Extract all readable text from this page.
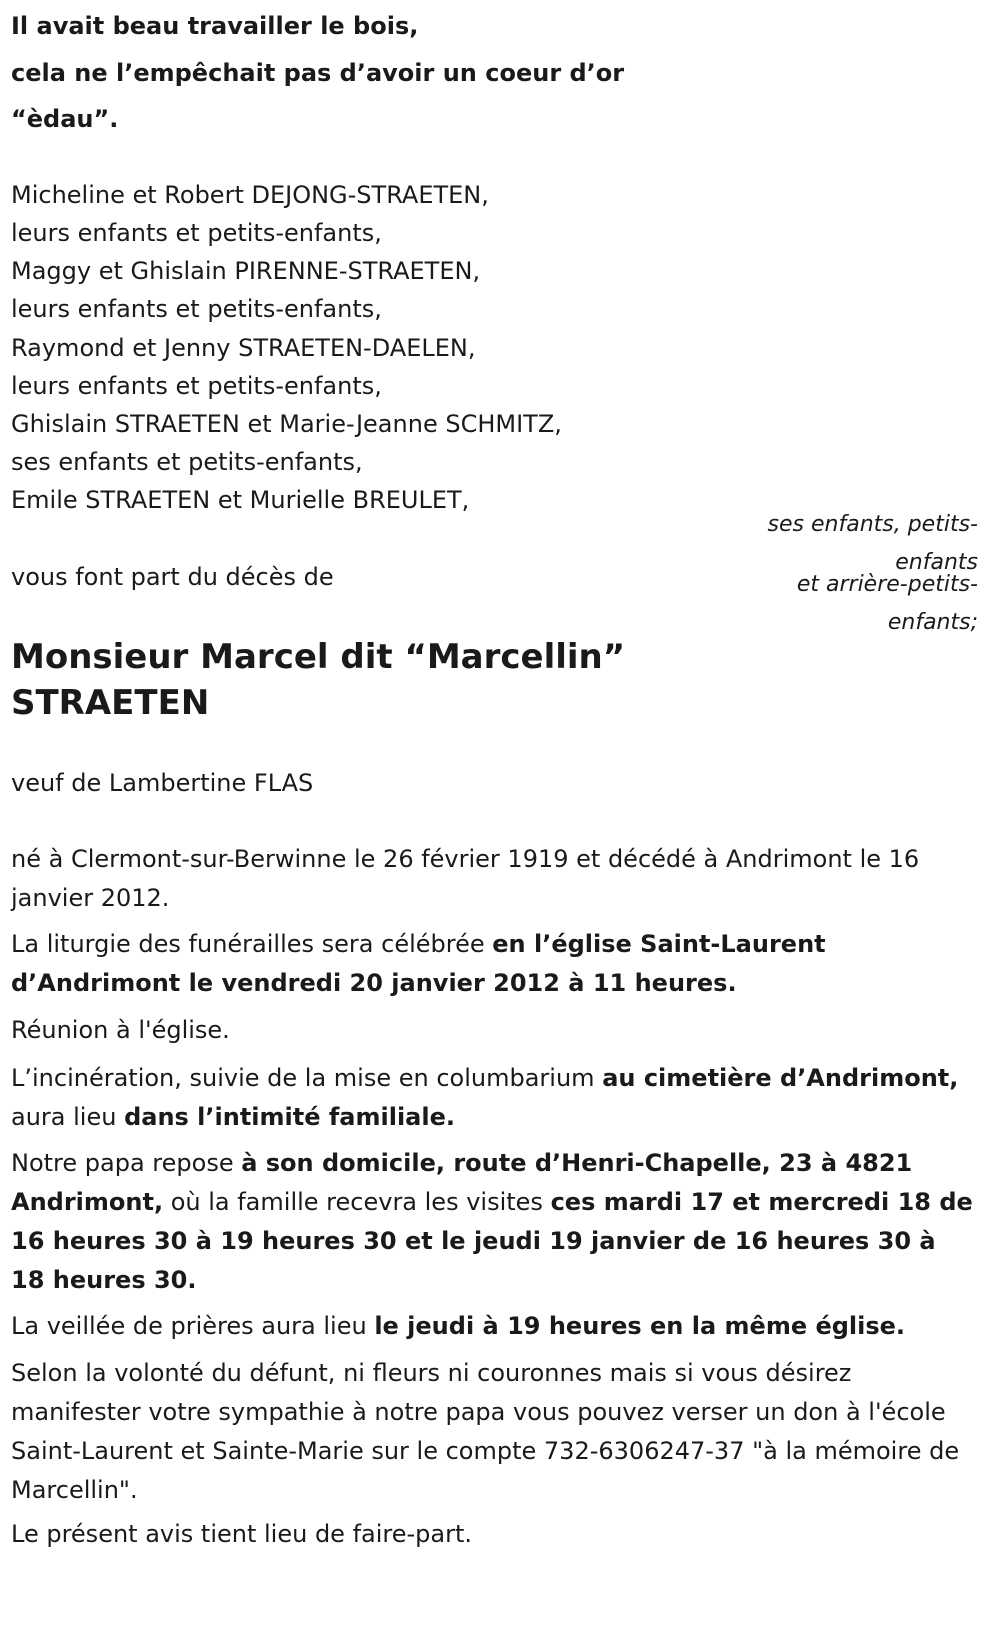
Il avait beau travailler le bois,
cela ne l’empêchait pas d’avoir un coeur d’or
“èdau”.
Micheline et Robert DEJONG-STRAETEN,
leurs enfants et petits-enfants,
Maggy et Ghislain PIRENNE-STRAETEN,
leurs enfants et petits-enfants,
Raymond et Jenny STRAETEN-DAELEN,
leurs enfants et petits-enfants,
Ghislain STRAETEN et Marie-Jeanne SCHMITZ,
ses enfants et petits-enfants,
Emile STRAETEN et Murielle BREULET,
ses enfants, petits-
enfants
et arrière-petits-
enfants;
vous font part du décès de
Monsieur Marcel dit “Marcellin”
STRAETEN
veuf de Lambertine FLAS

né à Clermont-sur-Berwinne le 26 février 1919 et décédé à Andrimont le 16 janvier 2012.

La liturgie des funérailles sera célébrée en l’église Saint-Laurent d’Andrimont le vendredi 20 janvier 2012 à 11 heures.

Réunion à l'église.

L’incinération, suivie de la mise en columbarium au cimetière d’Andrimont, aura lieu dans l’intimité familiale.

Notre papa repose à son domicile, route d’Henri-Chapelle, 23 à 4821 Andrimont, où la famille recevra les visites ces mardi 17 et mercredi 18 de 16 heures 30 à 19 heures 30 et le jeudi 19 janvier de 16 heures 30 à 18 heures 30.

La veillée de prières aura lieu le jeudi à 19 heures en la même église.

Selon la volonté du défunt, ni fleurs ni couronnes mais si vous désirez manifester votre sympathie à notre papa vous pouvez verser un don à l'école Saint-Laurent et Sainte-Marie sur le compte 732-6306247-37 "à la mémoire de Marcellin".

Le présent avis tient lieu de faire-part.
